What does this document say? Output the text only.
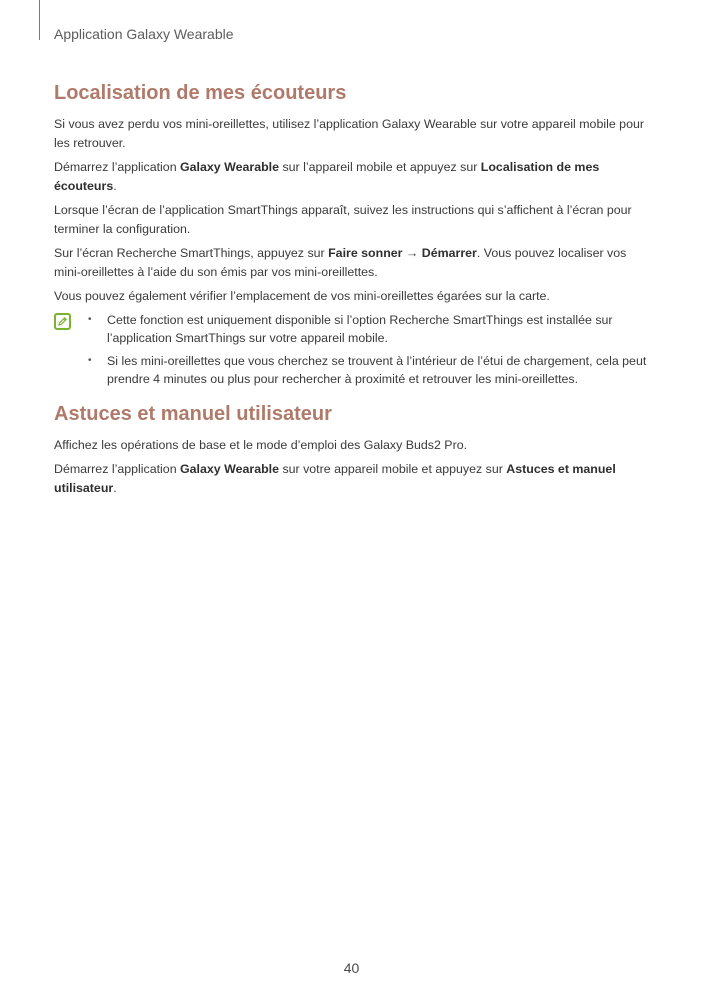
Application Galaxy Wearable
Localisation de mes écouteurs

Si vous avez perdu vos mini-oreillettes, utilisez l’application Galaxy Wearable sur votre appareil mobile pour les retrouver.

Démarrez l’application Galaxy Wearable sur l’appareil mobile et appuyez sur Localisation de mes écouteurs.

Lorsque l’écran de l’application SmartThings apparaît, suivez les instructions qui s’affichent à l’écran pour terminer la configuration.

Sur l’écran Recherche SmartThings, appuyez sur Faire sonner → Démarrer. Vous pouvez localiser vos mini-oreillettes à l’aide du son émis par vos mini-oreillettes.

Vous pouvez également vérifier l’emplacement de vos mini-oreillettes égarées sur la carte.

• Cette fonction est uniquement disponible si l’option Recherche SmartThings est installée sur l’application SmartThings sur votre appareil mobile.
• Si les mini-oreillettes que vous cherchez se trouvent à l’intérieur de l’étui de chargement, cela peut prendre 4 minutes ou plus pour rechercher à proximité et retrouver les mini-oreillettes.
Astuces et manuel utilisateur

Affichez les opérations de base et le mode d’emploi des Galaxy Buds2 Pro.

Démarrez l’application Galaxy Wearable sur votre appareil mobile et appuyez sur Astuces et manuel utilisateur.

40
